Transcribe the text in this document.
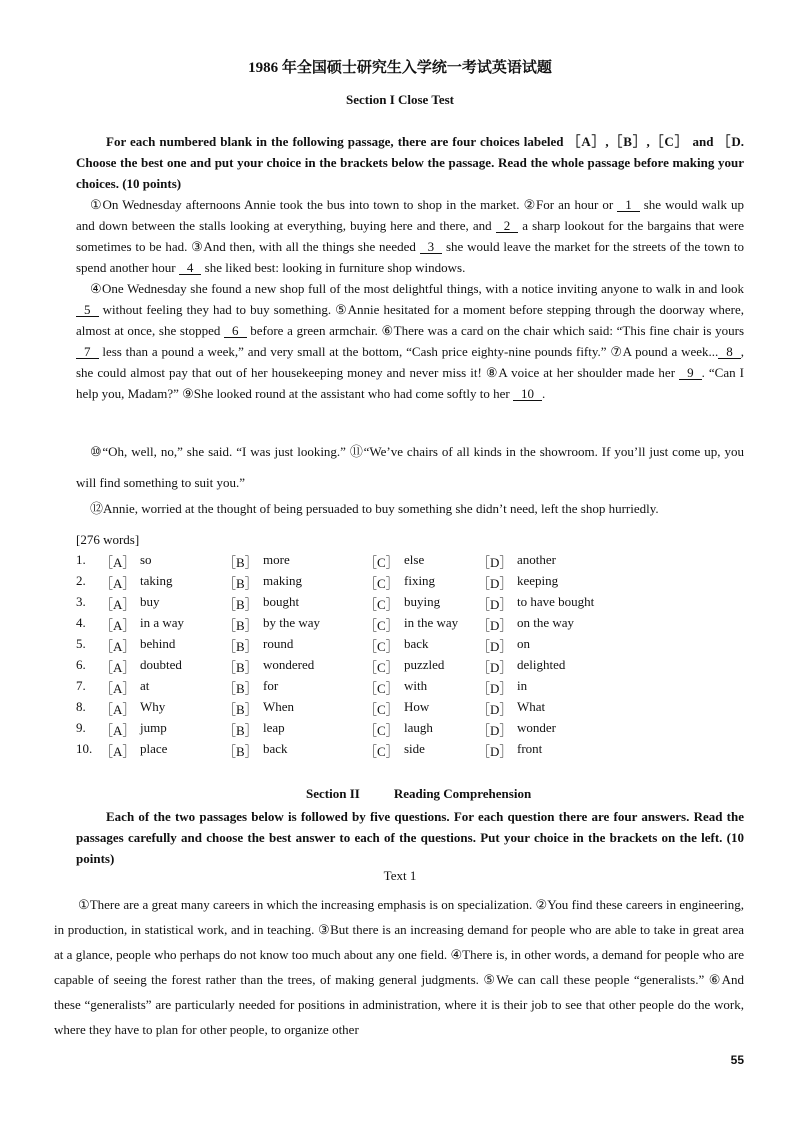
1986 年全国硕士研究生入学统一考试英语试题
Section I Close Test
For each numbered blank in the following passage, there are four choices labeled ［A］,［B］,［C］ and ［D. Choose the best one and put your choice in the brackets below the passage. Read the whole passage before making your choices. (10 points)
①On Wednesday afternoons Annie took the bus into town to shop in the market. ②For an hour or 1 she would walk up and down between the stalls looking at everything, buying here and there, and 2 a sharp lookout for the bargains that were sometimes to be had. ③And then, with all the things she needed 3 she would leave the market for the streets of the town to spend another hour 4 she liked best: looking in furniture shop windows.
④One Wednesday she found a new shop full of the most delightful things, with a notice inviting anyone to walk in and look 5 without feeling they had to buy something. ⑤Annie hesitated for a moment before stepping through the doorway where, almost at once, she stopped 6 before a green armchair. ⑥There was a card on the chair which said: “This fine chair is yours 7 less than a pound a week,” and very small at the bottom, “Cash price eighty-nine pounds fifty.” ⑦A pound a week... 8 , she could almost pay that out of her housekeeping money and never miss it! ⑧A voice at her shoulder made her 9 . “Can I help you, Madam?” ⑨She looked round at the assistant who had come softly to her 10 .
⑩“Oh, well, no,” she said. “I was just looking.” ⑪“We’ve chairs of all kinds in the showroom. If you’ll just come up, you will find something to suit you.”
⑫Annie, worried at the thought of being persuaded to buy something she didn’t need, left the shop hurriedly.
[276 words]
1. ［A］ so	［B］ more	［C］ else	［D］ another
2. ［A］ taking	［B］ making	［C］ fixing	［D］ keeping
3. ［A］ buy	［B］ bought	［C］ buying	［D］ to have bought
4. ［A］ in a way	［B］ by the way	［C］ in the way ［D］ on the way
5. ［A］ behind	［B］ round	［C］ back	［D］ on
6. ［A］ doubted	［B］ wondered	［C］ puzzled	［D］ delighted
7. ［A］ at	［B］ for	［C］ with	［D］ in
8. ［A］ Why	［B］ When	［C］ How	［D］ What
9. ［A］ jump	［B］ leap	［C］ laugh	［D］ wonder
10. ［A］ place	［B］ back	［C］ side	［D］ front
Section II	Reading Comprehension
Each of the two passages below is followed by five questions. For each question there are four answers. Read the passages carefully and choose the best answer to each of the questions. Put your choice in the brackets on the left. (10 points)
Text 1
①There are a great many careers in which the increasing emphasis is on specialization. ②You find these careers in engineering, in production, in statistical work, and in teaching. ③But there is an increasing demand for people who are able to take in great area at a glance, people who perhaps do not know too much about any one field. ④There is, in other words, a demand for people who are capable of seeing the forest rather than the trees, of making general judgments. ⑤We can call these people “generalists.” ⑥And these “generalists” are particularly needed for positions in administration, where it is their job to see that other people do the work, where they have to plan for other people, to organize other
55
